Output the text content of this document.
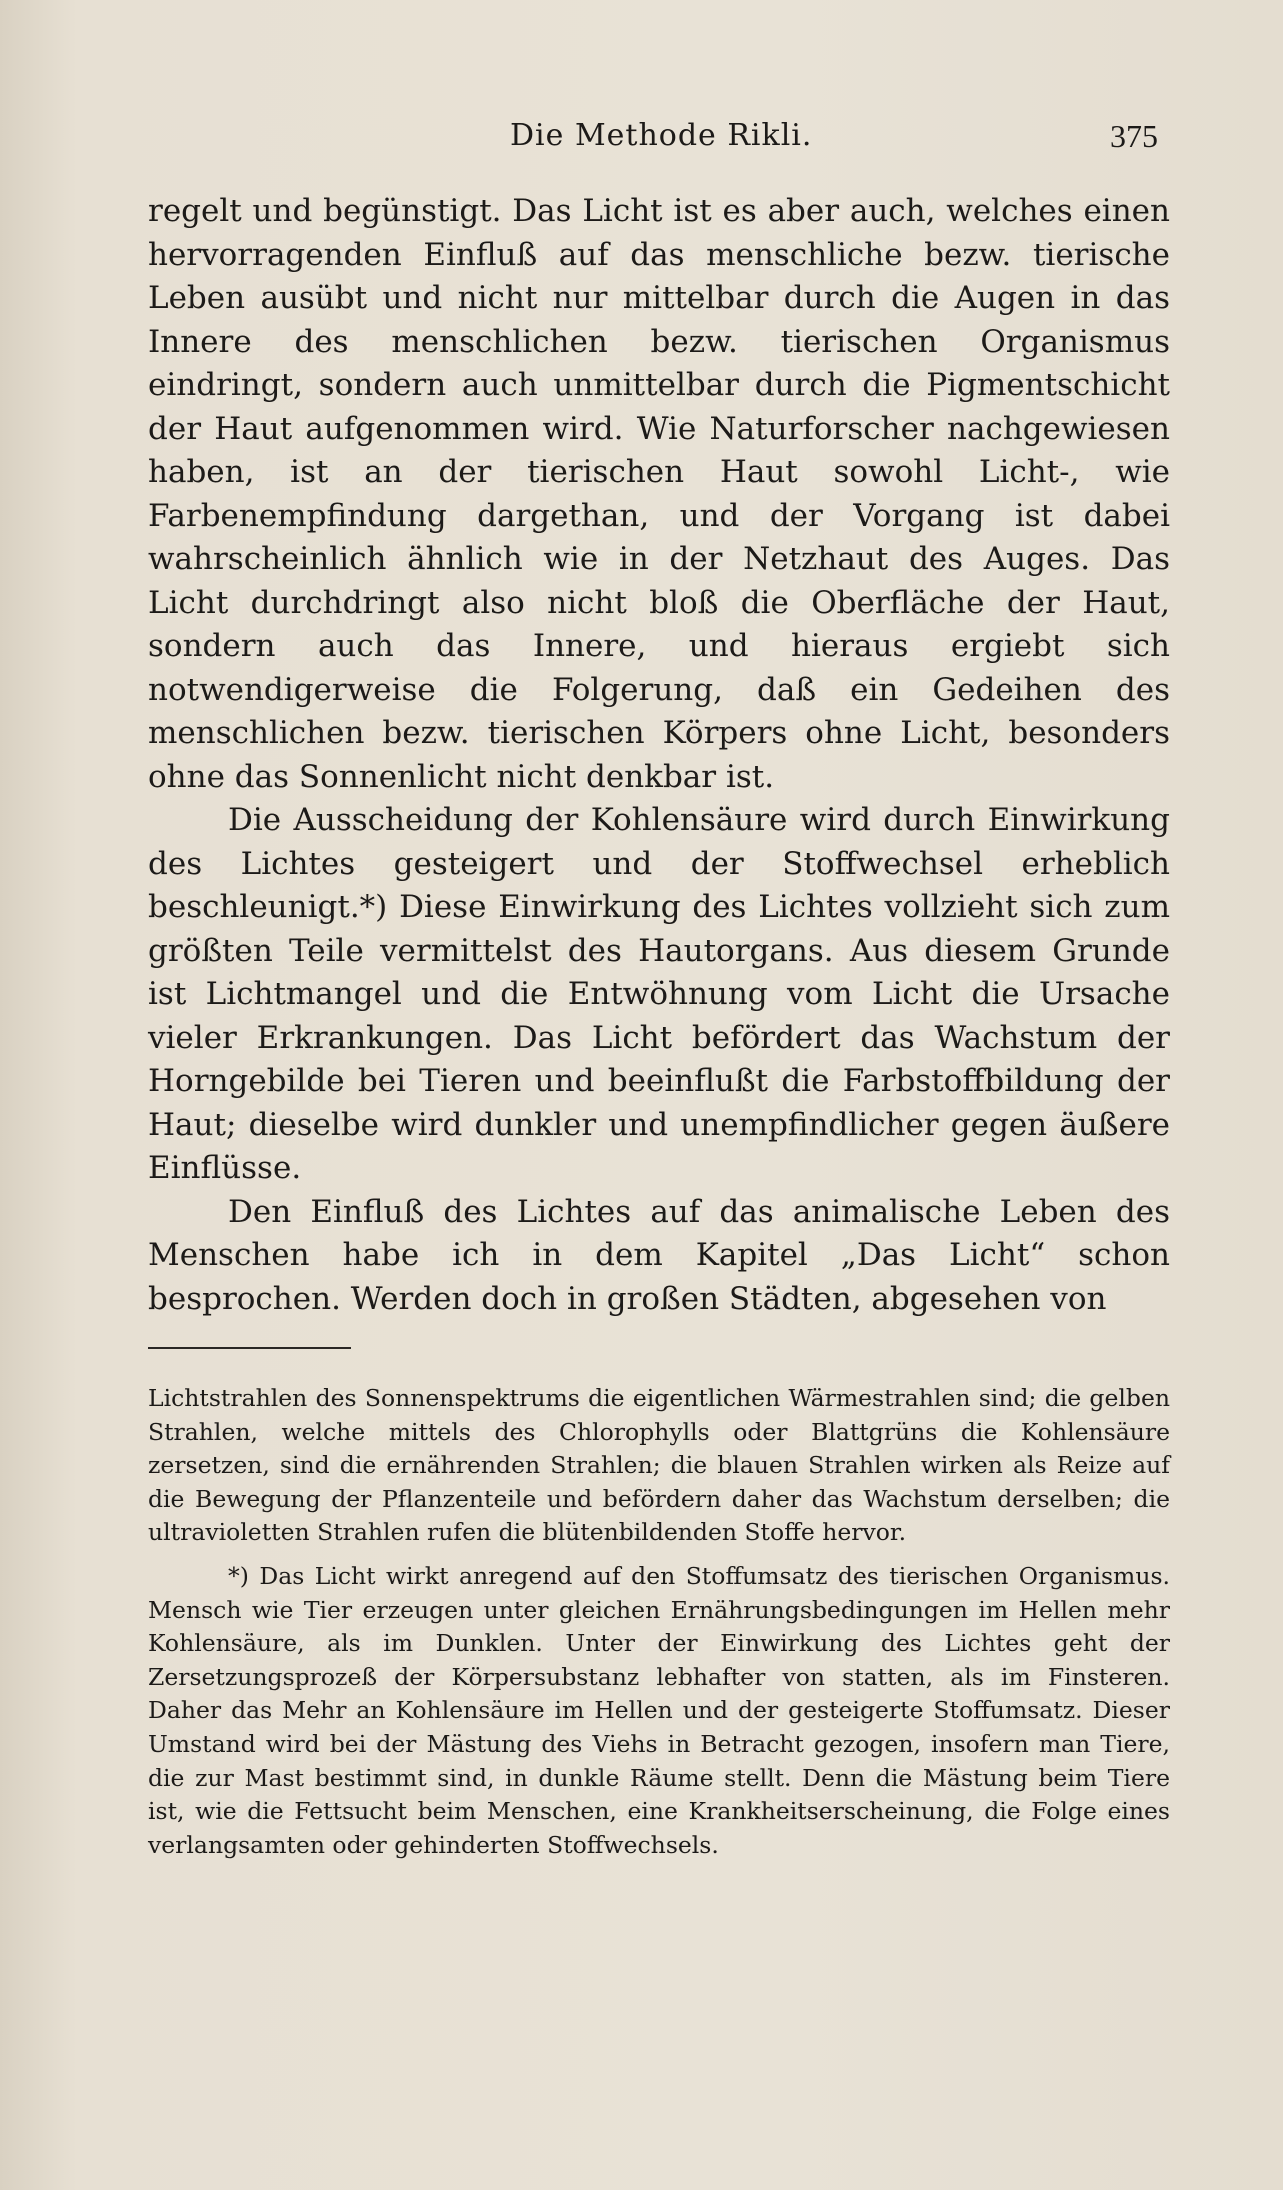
Die Methode Rikli.	375

regelt und begünstigt. Das Licht ist es aber auch, welches einen hervorragenden Einfluß auf das menschliche bezw. tierische Leben ausübt und nicht nur mittelbar durch die Augen in das Innere des menschlichen bezw. tierischen Organismus eindringt, sondern auch unmittelbar durch die Pigmentschicht der Haut aufgenommen wird. Wie Naturforscher nachgewiesen haben, ist an der tierischen Haut sowohl Licht-, wie Farbenempfindung dargethan, und der Vorgang ist dabei wahrscheinlich ähnlich wie in der Netzhaut des Auges. Das Licht durchdringt also nicht bloß die Oberfläche der Haut, sondern auch das Innere, und hieraus ergiebt sich notwendigerweise die Folgerung, daß ein Gedeihen des menschlichen bezw. tierischen Körpers ohne Licht, besonders ohne das Sonnenlicht nicht denkbar ist.

Die Ausscheidung der Kohlensäure wird durch Einwirkung des Lichtes gesteigert und der Stoffwechsel erheblich beschleunigt.*) Diese Einwirkung des Lichtes vollzieht sich zum größten Teile vermittelst des Hautorgans. Aus diesem Grunde ist Lichtmangel und die Entwöhnung vom Licht die Ursache vieler Erkrankungen. Das Licht befördert das Wachstum der Horngebilde bei Tieren und beeinflußt die Farbstoffbildung der Haut; dieselbe wird dunkler und unempfindlicher gegen äußere Einflüsse.

Den Einfluß des Lichtes auf das animalische Leben des Menschen habe ich in dem Kapitel „Das Licht“ schon besprochen. Werden doch in großen Städten, abgesehen von

Lichtstrahlen des Sonnenspektrums die eigentlichen Wärmestrahlen sind; die gelben Strahlen, welche mittels des Chlorophylls oder Blattgrüns die Kohlensäure zersetzen, sind die ernährenden Strahlen; die blauen Strahlen wirken als Reize auf die Bewegung der Pflanzenteile und befördern daher das Wachstum derselben; die ultravioletten Strahlen rufen die blütenbildenden Stoffe hervor.

*) Das Licht wirkt anregend auf den Stoffumsatz des tierischen Organismus. Mensch wie Tier erzeugen unter gleichen Ernährungsbedingungen im Hellen mehr Kohlensäure, als im Dunklen. Unter der Einwirkung des Lichtes geht der Zersetzungsprozeß der Körpersubstanz lebhafter von statten, als im Finsteren. Daher das Mehr an Kohlensäure im Hellen und der gesteigerte Stoffumsatz. Dieser Umstand wird bei der Mästung des Viehs in Betracht gezogen, insofern man Tiere, die zur Mast bestimmt sind, in dunkle Räume stellt. Denn die Mästung beim Tiere ist, wie die Fettsucht beim Menschen, eine Krankheitserscheinung, die Folge eines verlangsamten oder gehinderten Stoffwechsels.
